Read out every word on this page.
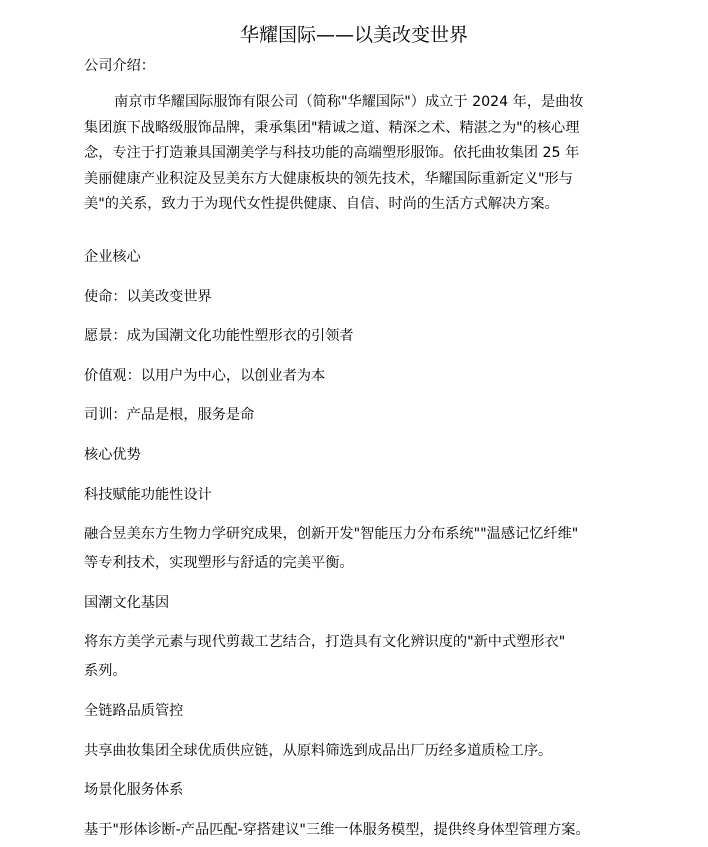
华耀国际——以美改变世界
公司介绍：
南京市华耀国际服饰有限公司（简称"华耀国际"）成立于 2024 年，是曲妆
集团旗下战略级服饰品牌，秉承集团"精诚之道、精深之术、精湛之为"的核心理
念，专注于打造兼具国潮美学与科技功能的高端塑形服饰。依托曲妆集团 25 年
美丽健康产业积淀及昱美东方大健康板块的领先技术，华耀国际重新定义"形与
美"的关系，致力于为现代女性提供健康、自信、时尚的生活方式解决方案。
企业核心
使命：以美改变世界
愿景：成为国潮文化功能性塑形衣的引领者
价值观：以用户为中心，以创业者为本
司训：产品是根，服务是命
核心优势
科技赋能功能性设计
融合昱美东方生物力学研究成果，创新开发"智能压力分布系统""温感记忆纤维"
等专利技术，实现塑形与舒适的完美平衡。
国潮文化基因
将东方美学元素与现代剪裁工艺结合，打造具有文化辨识度的"新中式塑形衣"
系列。
全链路品质管控
共享曲妆集团全球优质供应链，从原料筛选到成品出厂历经多道质检工序。
场景化服务体系
基于"形体诊断-产品匹配-穿搭建议"三维一体服务模型，提供终身体型管理方案。
